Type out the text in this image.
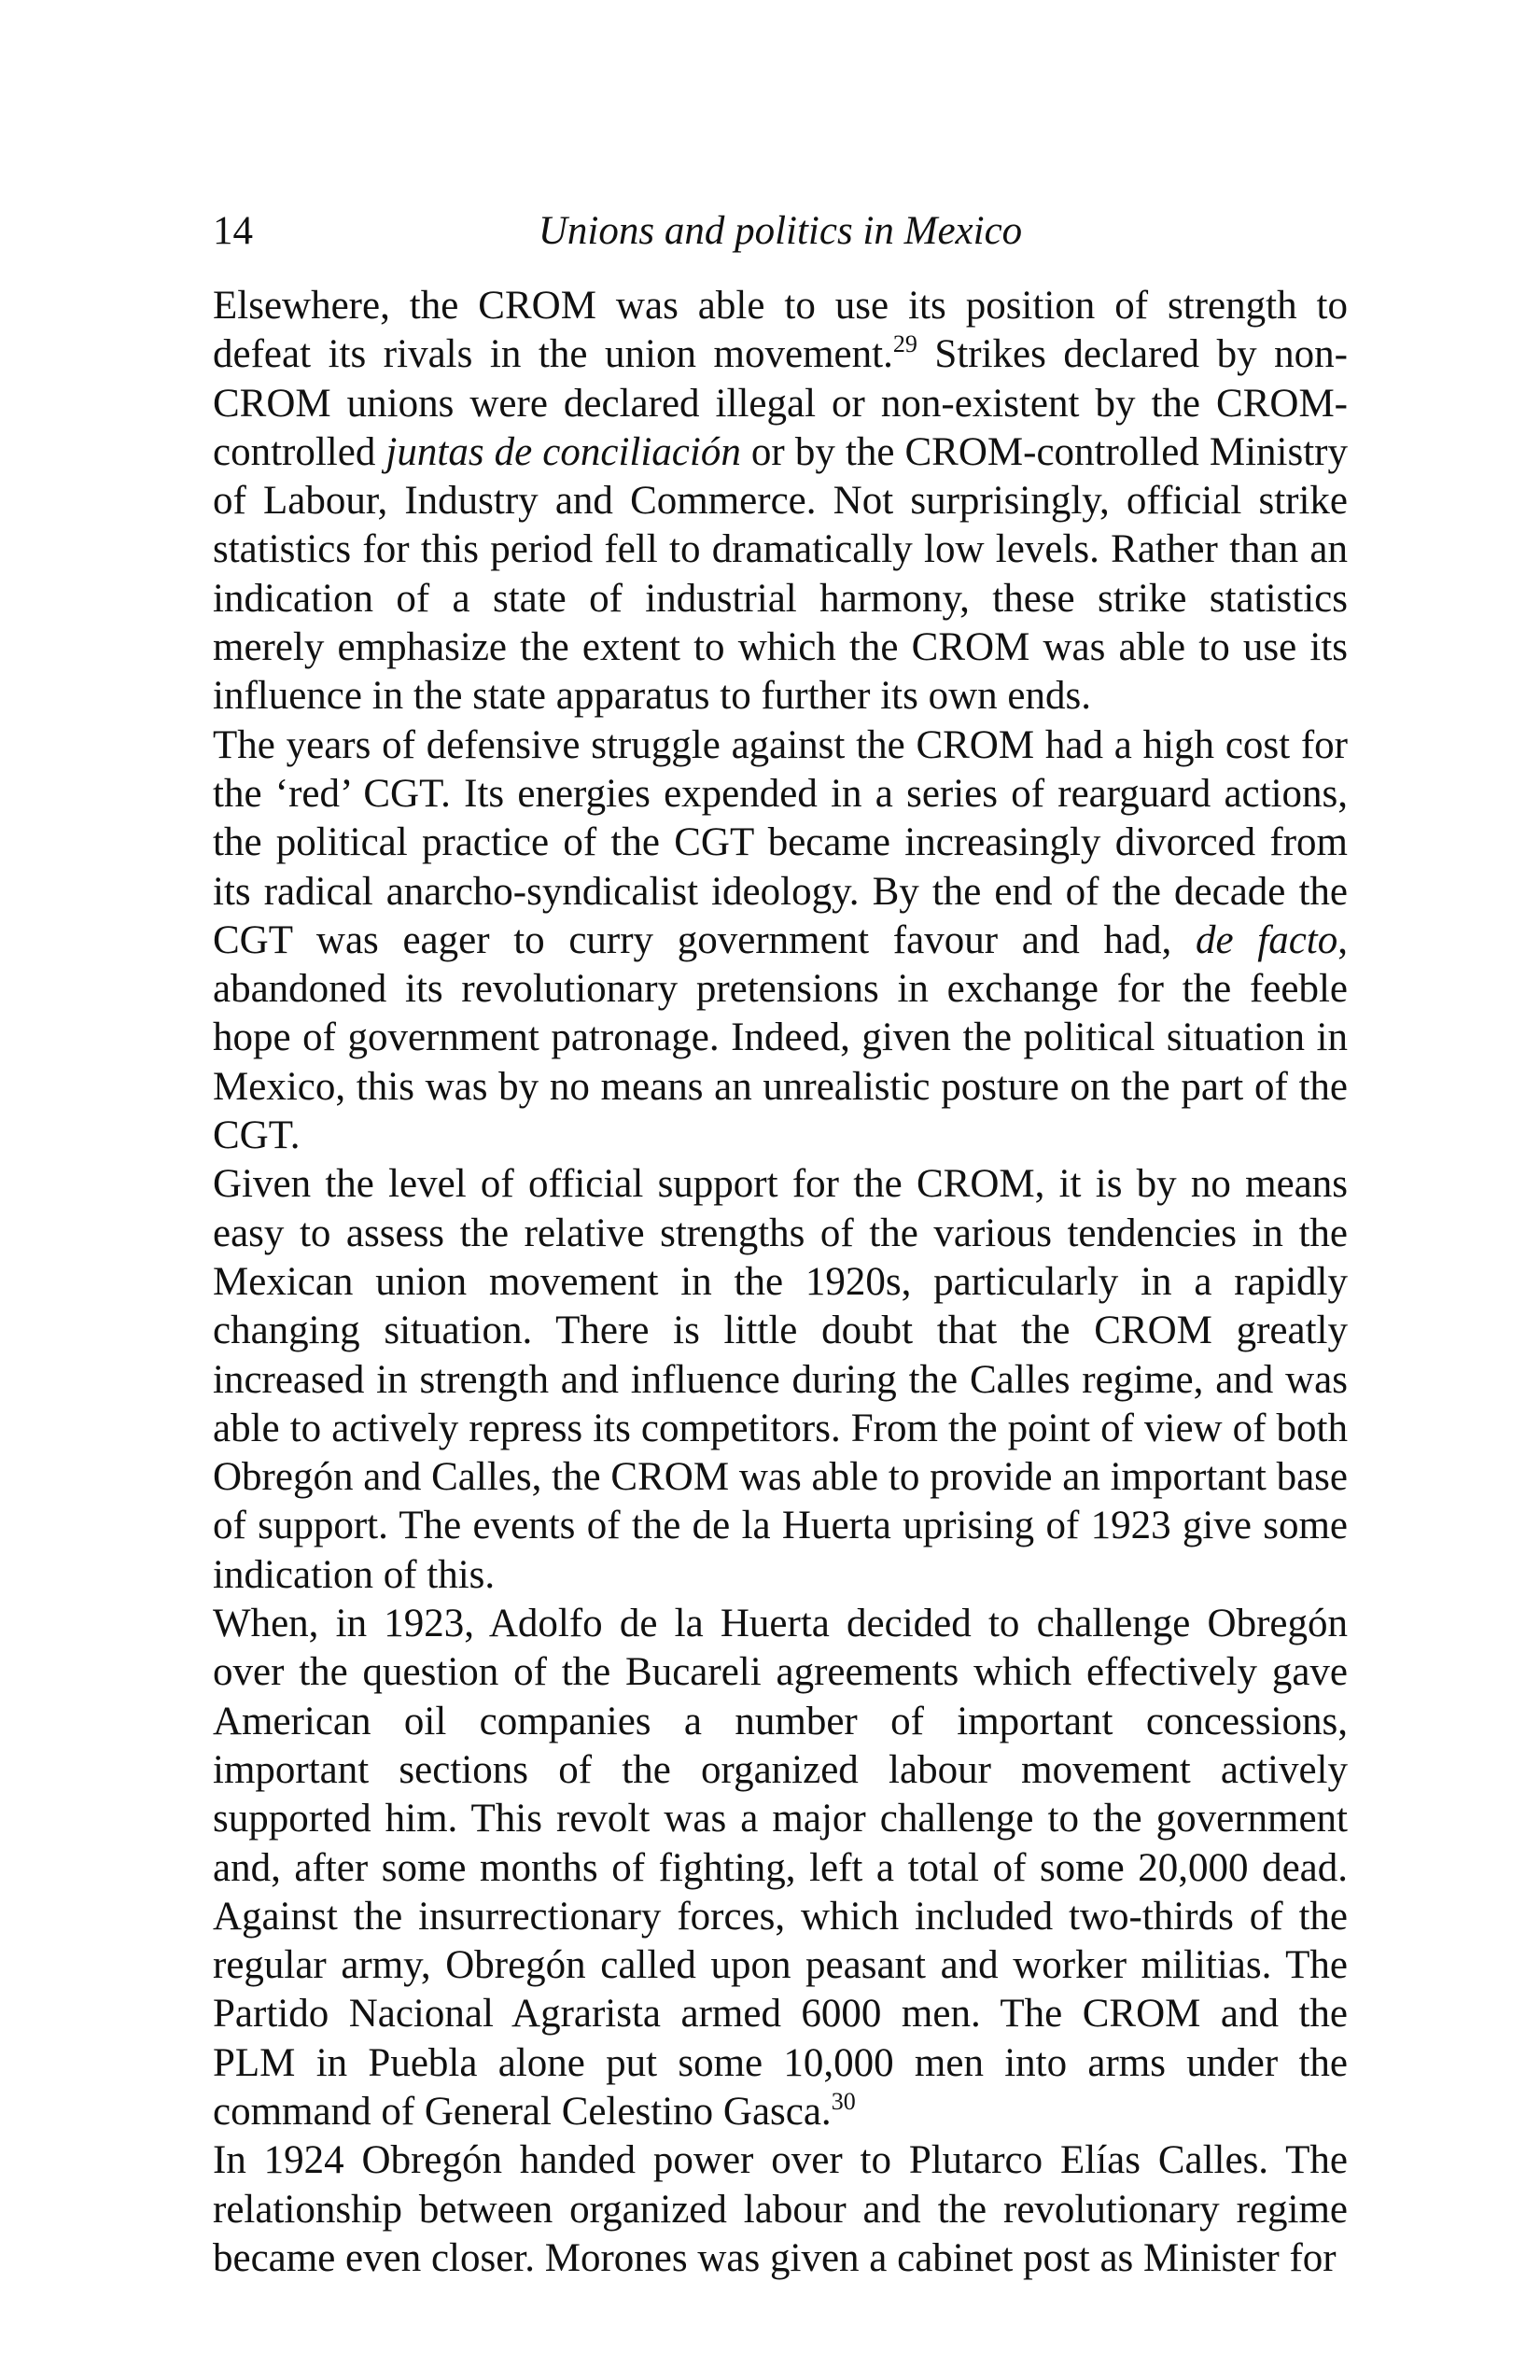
14	Unions and politics in Mexico

Elsewhere, the CROM was able to use its position of strength to defeat its rivals in the union movement.$^{29}$ Strikes declared by non-CROM unions were declared illegal or non-existent by the CROM-controlled juntas de conciliación or by the CROM-controlled Ministry of Labour, Industry and Commerce. Not surprisingly, official strike statistics for this period fell to dramatically low levels. Rather than an indication of a state of industrial harmony, these strike statistics merely emphasize the extent to which the CROM was able to use its influence in the state apparatus to further its own ends.

The years of defensive struggle against the CROM had a high cost for the ‘red’ CGT. Its energies expended in a series of rearguard actions, the political practice of the CGT became increasingly divorced from its radical anarcho-syndicalist ideology. By the end of the decade the CGT was eager to curry government favour and had, de facto, abandoned its revolutionary pretensions in exchange for the feeble hope of government patronage. Indeed, given the political situation in Mexico, this was by no means an unrealistic posture on the part of the CGT.

Given the level of official support for the CROM, it is by no means easy to assess the relative strengths of the various tendencies in the Mexican union movement in the 1920s, particularly in a rapidly changing situation. There is little doubt that the CROM greatly increased in strength and influence during the Calles regime, and was able to actively repress its competitors. From the point of view of both Obregón and Calles, the CROM was able to provide an important base of support. The events of the de la Huerta uprising of 1923 give some indication of this.

When, in 1923, Adolfo de la Huerta decided to challenge Obregón over the question of the Bucareli agreements which effectively gave American oil companies a number of important concessions, important sections of the organized labour movement actively supported him. This revolt was a major challenge to the government and, after some months of fighting, left a total of some 20,000 dead. Against the insurrectionary forces, which included two-thirds of the regular army, Obregón called upon peasant and worker militias. The Partido Nacional Agrarista armed 6000 men. The CROM and the PLM in Puebla alone put some 10,000 men into arms under the command of General Celestino Gasca.$^{30}$

In 1924 Obregón handed power over to Plutarco Elías Calles. The relationship between organized labour and the revolutionary regime became even closer. Morones was given a cabinet post as Minister for
